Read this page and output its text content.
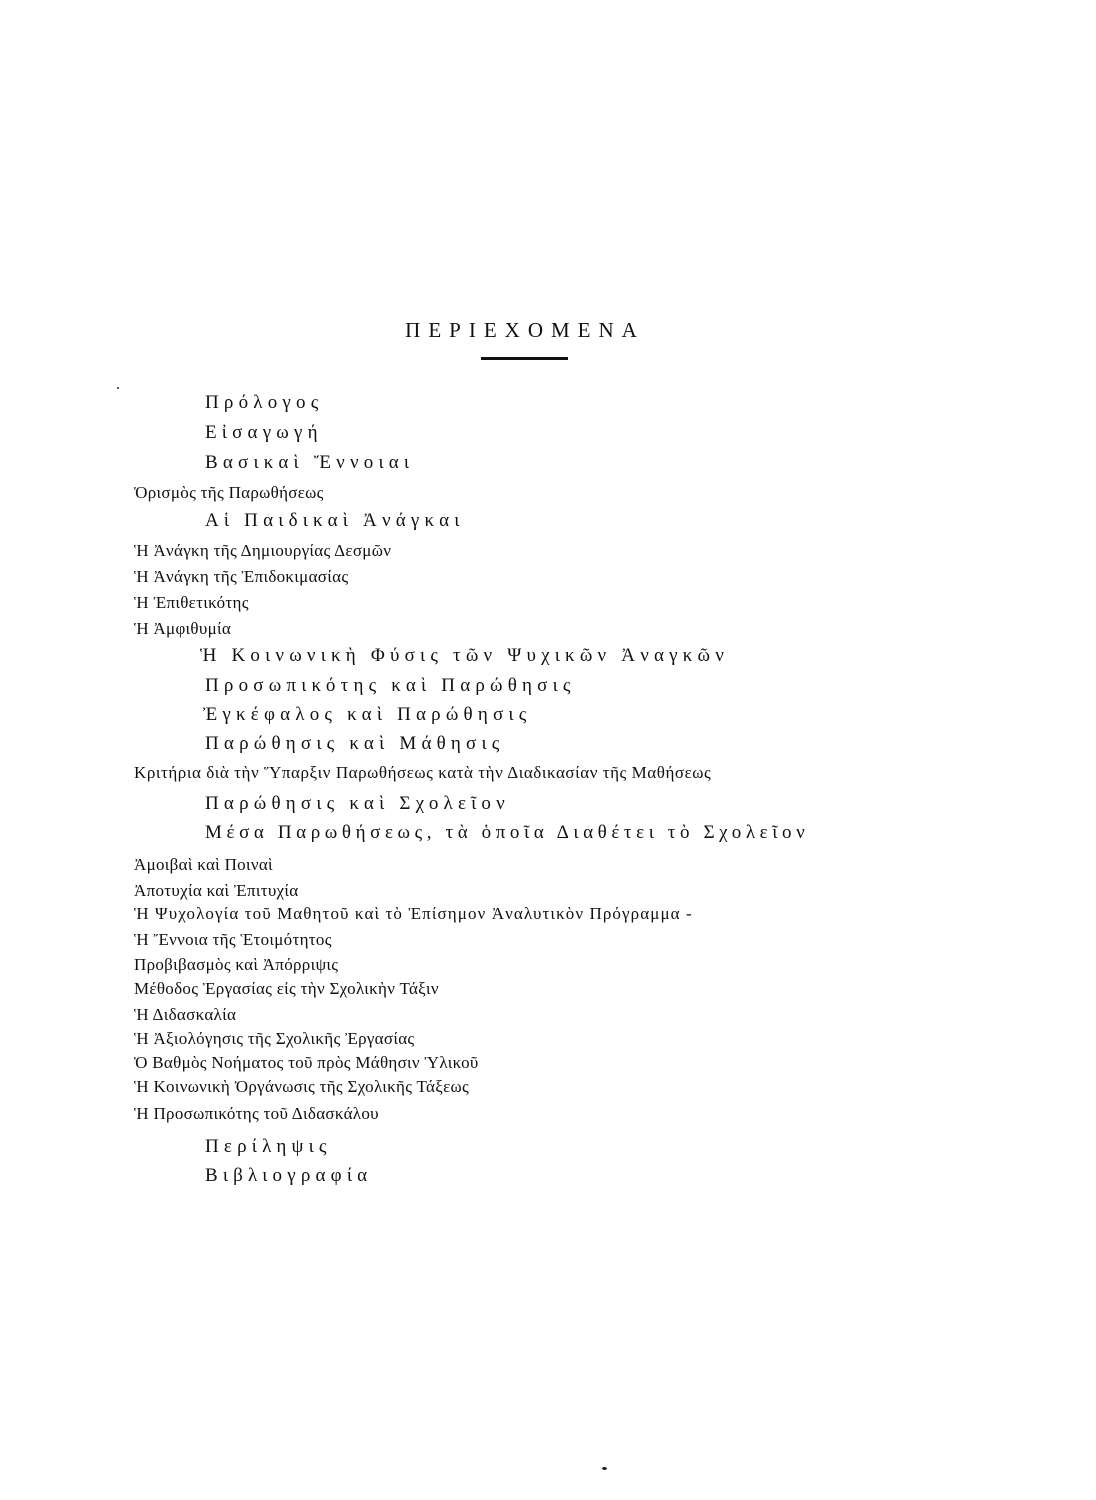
ΠΕΡΙΕΧΟΜΕΝΑ
Πρόλογος
Εἰσαγωγή
Βασικαὶ Ἔννοιαι
Ὁρισμὸς τῆς Παρωθήσεως
Αἱ Παιδικαὶ Ἀνάγκαι
Ἡ Ἀνάγκη τῆς Δημιουργίας Δεσμῶν
Ἡ Ἀνάγκη τῆς Ἐπιδοκιμασίας
Ἡ Ἐπιθετικότης
Ἡ Ἀμφιθυμία
Ἡ Κοινωνικὴ Φύσις τῶν Ψυχικῶν Ἀναγκῶν
Προσωπικότης καὶ Παρώθησις
Ἐγκέφαλος καὶ Παρώθησις
Παρώθησις καὶ Μάθησις
Κριτήρια διὰ τὴν Ὕπαρξιν Παρωθήσεως κατὰ τὴν Διαδικασίαν τῆς Μαθήσεως
Παρώθησις καὶ Σχολεῖον
Μέσα Παρωθήσεως, τὰ ὁποῖα Διαθέτει τὸ Σχολεῖον
Ἀμοιβαὶ καὶ Ποιναὶ
Ἀποτυχία καὶ Ἐπιτυχία
Ἡ Ψυχολογία τοῦ Μαθητοῦ καὶ τὸ Ἐπίσημον Ἀναλυτικὸν Πρόγραμμα -
Ἡ Ἔννοια τῆς Ἑτοιμότητος
Προβιβασμὸς καὶ Ἀπόρριψις
Μέθοδος Ἐργασίας εἰς τὴν Σχολικὴν Τάξιν
Ἡ Διδασκαλία
Ἡ Ἀξιολόγησις τῆς Σχολικῆς Ἐργασίας
Ὁ Βαθμὸς Νοήματος τοῦ πρὸς Μάθησιν Ὑλικοῦ
Ἡ Κοινωνικὴ Ὀργάνωσις τῆς Σχολικῆς Τάξεως
Ἡ Προσωπικότης τοῦ Διδασκάλου
Περίληψις
Βιβλιογραφία
